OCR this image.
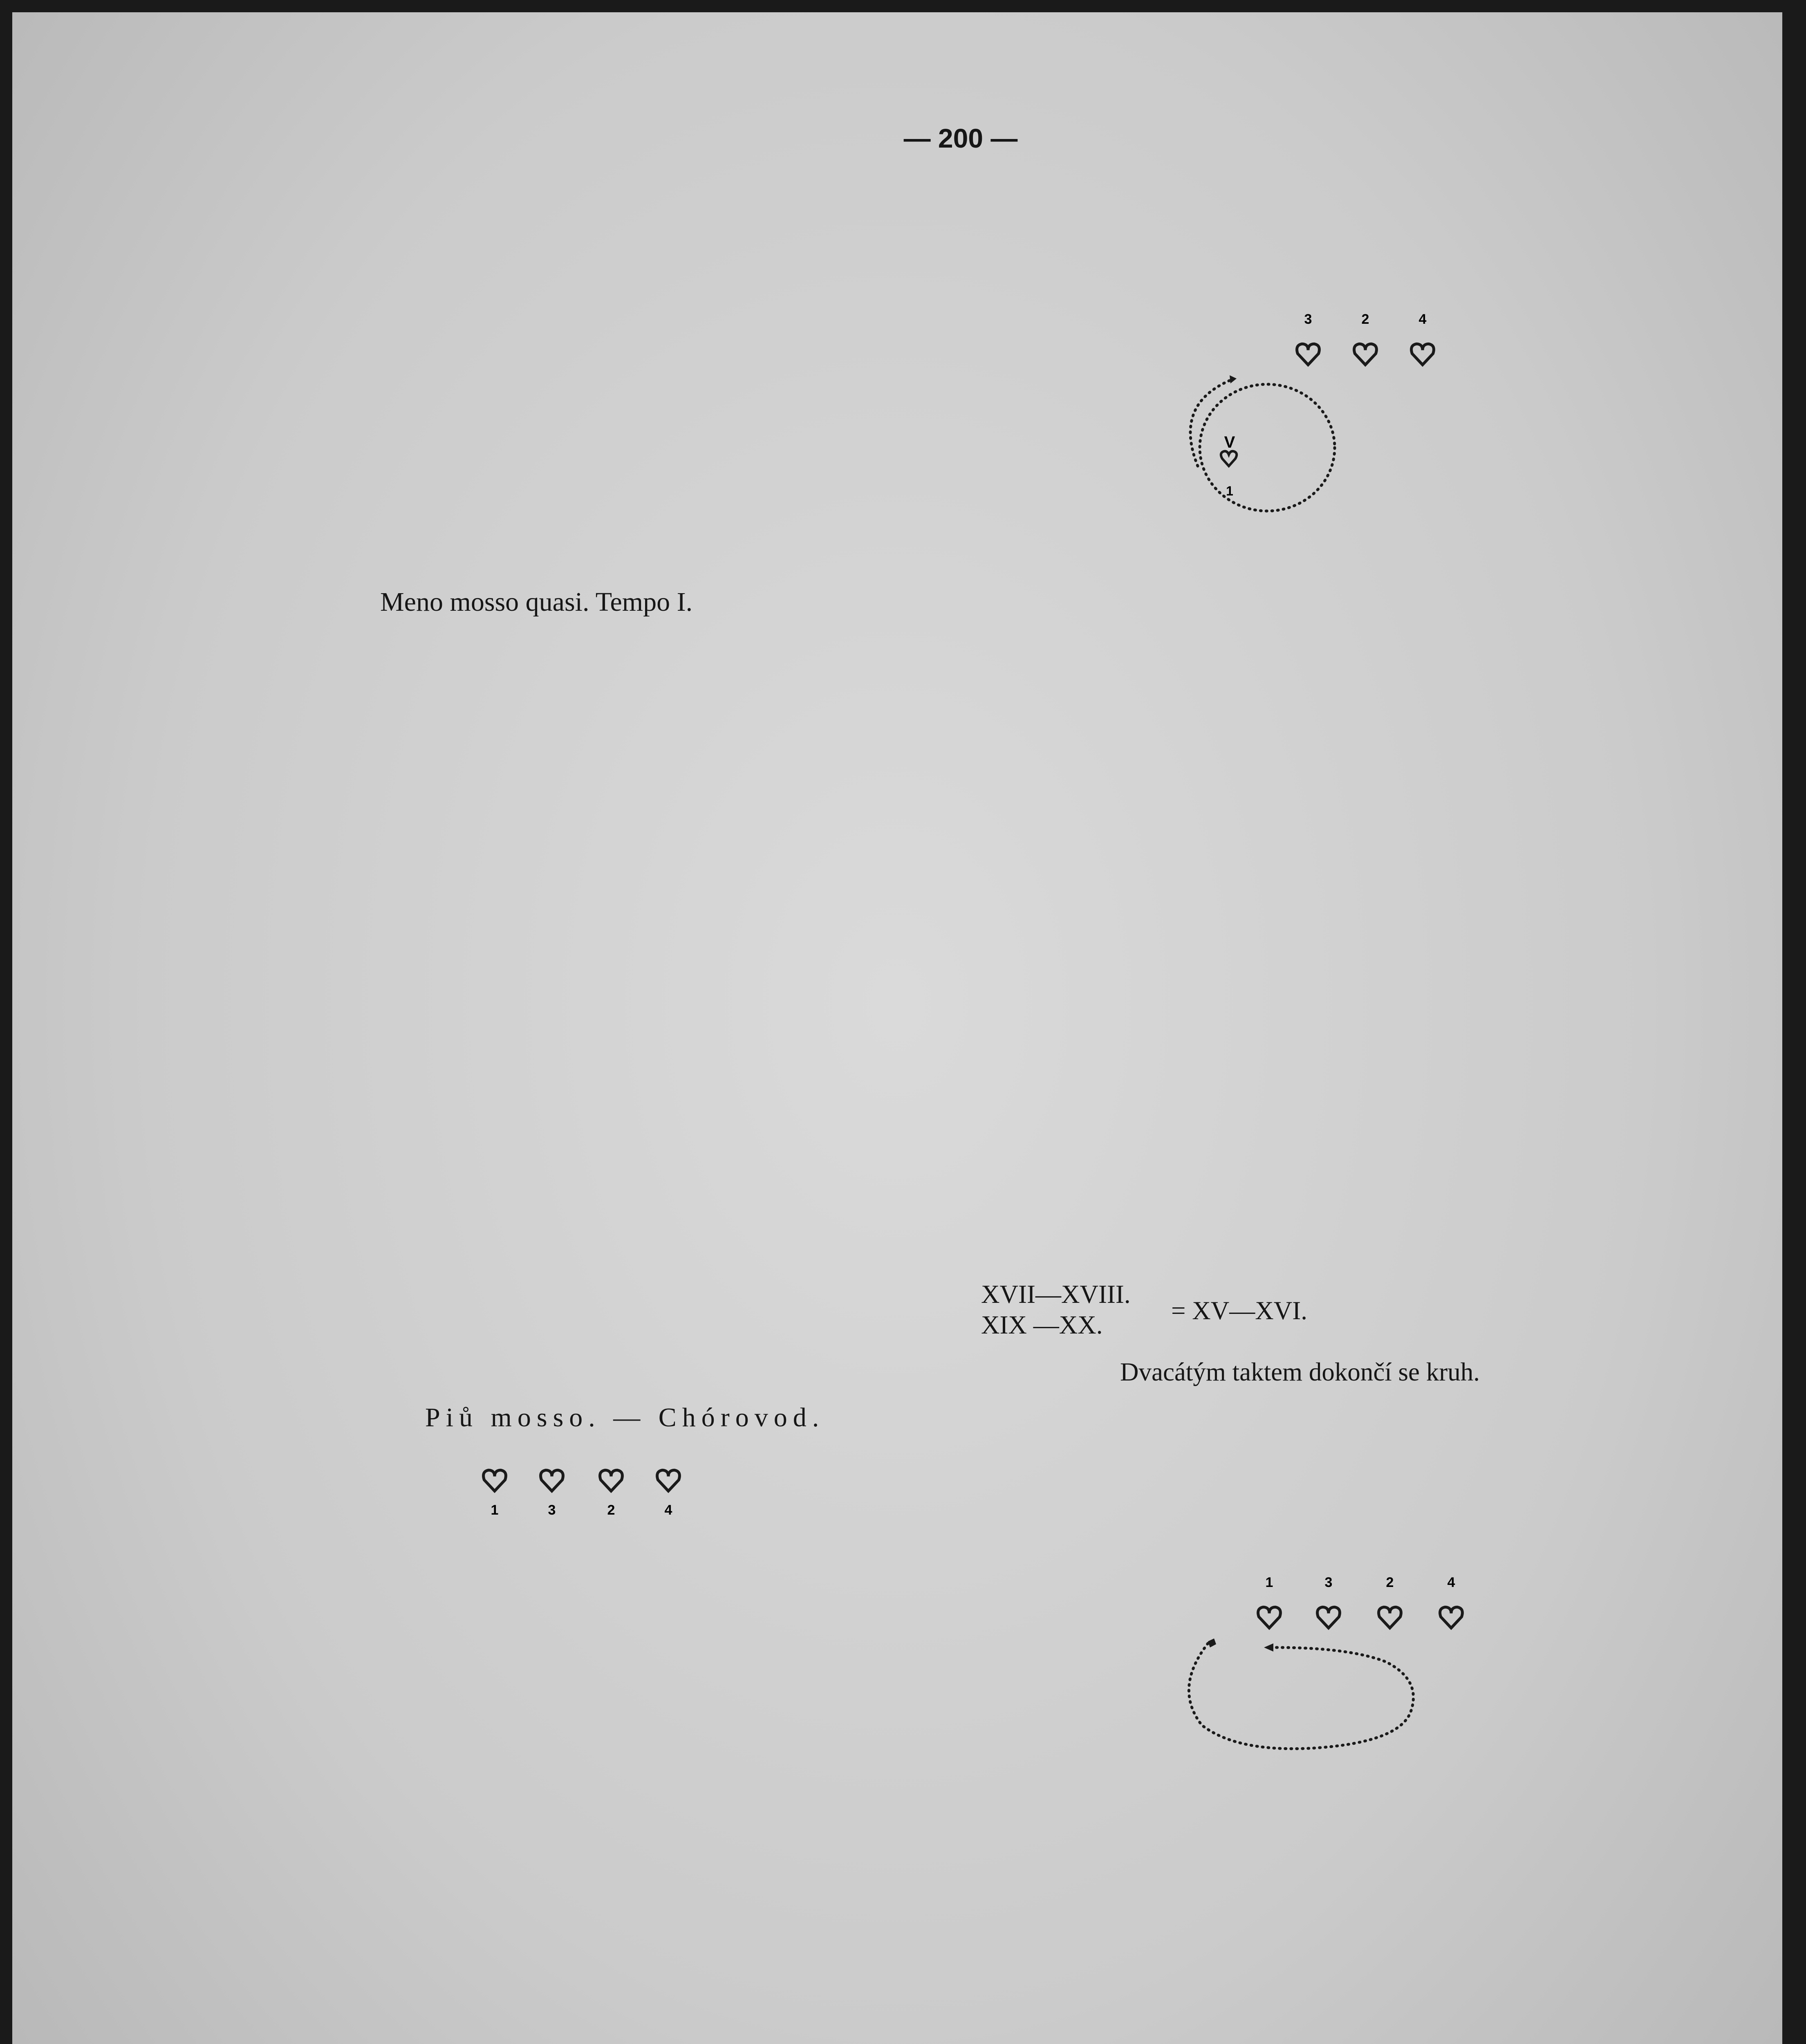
— 200 —
Meno mosso quasi. Tempo I.
Piů mosso. — Chórovod.
1	3	2	4
3	2	4
V
1
XVII—XVIII.
XIX —XX.	= XV—XVI.
Dvacátým taktem dokončí se kruh.
1	3	2	4
